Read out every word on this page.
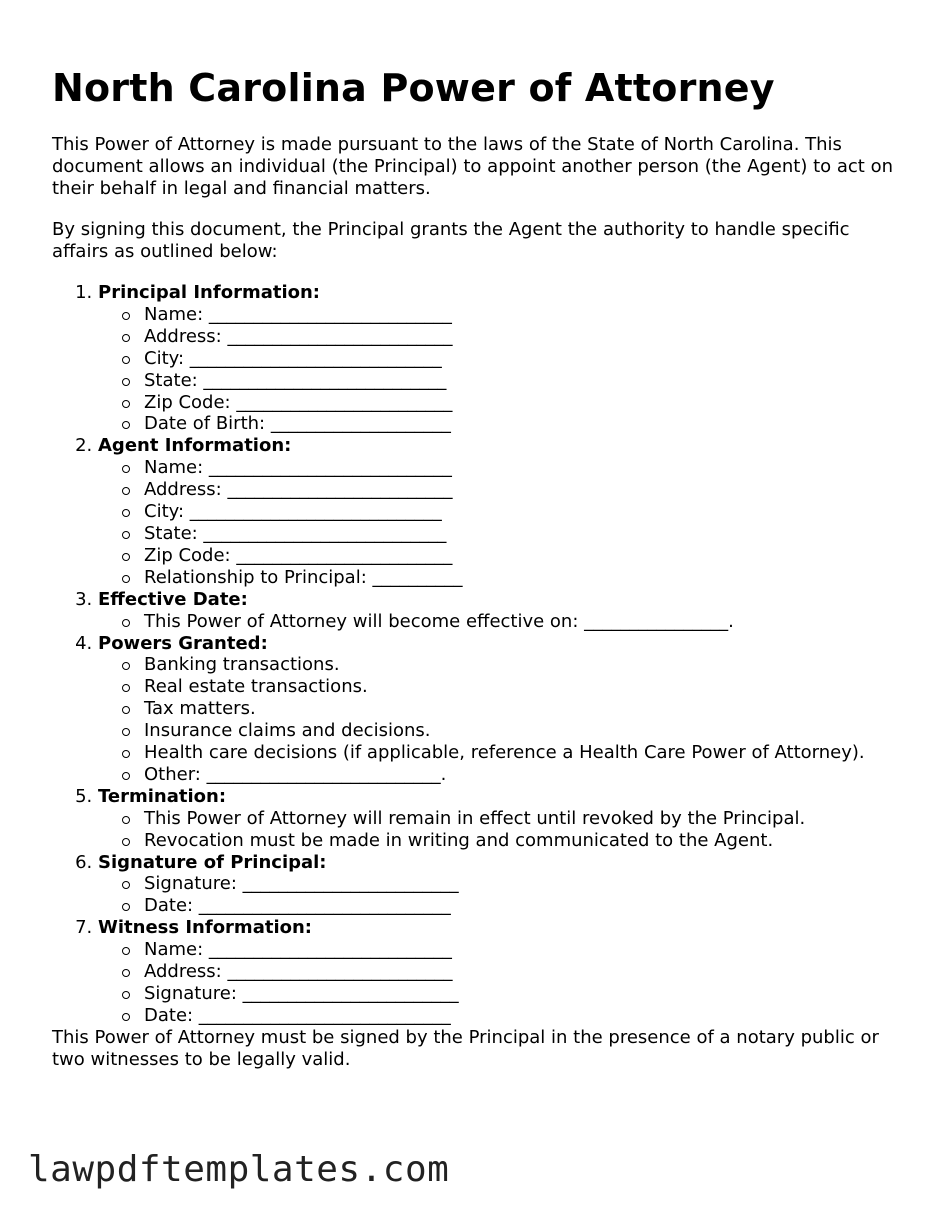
North Carolina Power of Attorney

This Power of Attorney is made pursuant to the laws of the State of North Carolina. This document allows an individual (the Principal) to appoint another person (the Agent) to act on their behalf in legal and financial matters.

By signing this document, the Principal grants the Agent the authority to handle specific affairs as outlined below:

1. Principal Information:
Name: ___________________________
Address: _________________________
City: ____________________________
State: ___________________________
Zip Code: ________________________
Date of Birth: ____________________
2. Agent Information:
Name: ___________________________
Address: _________________________
City: ____________________________
State: ___________________________
Zip Code: ________________________
Relationship to Principal: __________
3. Effective Date:
This Power of Attorney will become effective on: ________________.
4. Powers Granted:
Banking transactions.
Real estate transactions.
Tax matters.
Insurance claims and decisions.
Health care decisions (if applicable, reference a Health Care Power of Attorney).
Other: __________________________.
5. Termination:
This Power of Attorney will remain in effect until revoked by the Principal.
Revocation must be made in writing and communicated to the Agent.
6. Signature of Principal:
Signature: ________________________
Date: ____________________________
7. Witness Information:
Name: ___________________________
Address: _________________________
Signature: ________________________
Date: ____________________________

This Power of Attorney must be signed by the Principal in the presence of a notary public or two witnesses to be legally valid.

lawpdftemplates.com
